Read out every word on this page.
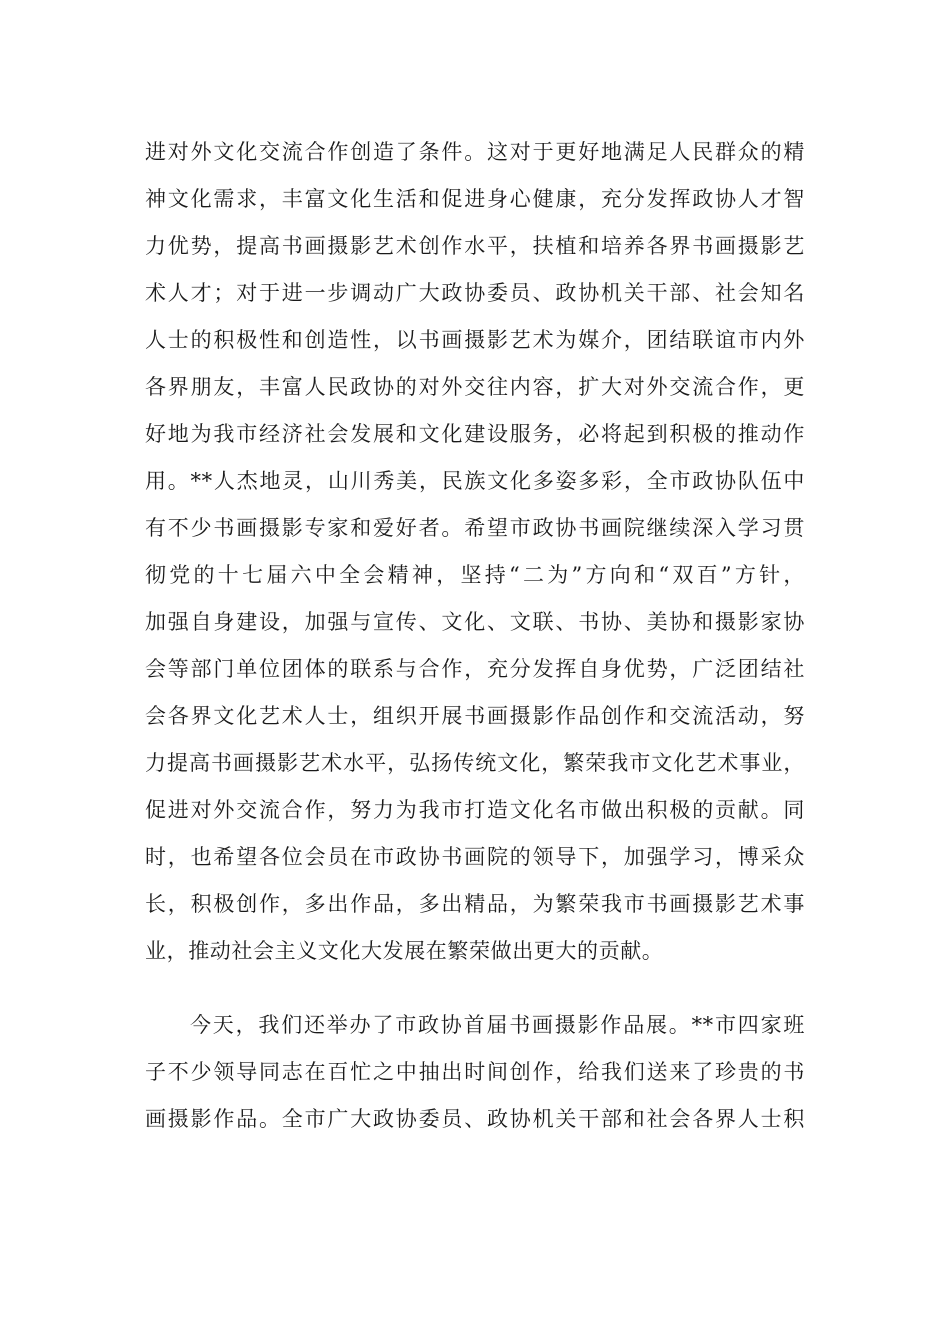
进对外文化交流合作创造了条件。这对于更好地满足人民群众的精
神文化需求，丰富文化生活和促进身心健康，充分发挥政协人才智
力优势，提高书画摄影艺术创作水平，扶植和培养各界书画摄影艺
术人才；对于进一步调动广大政协委员、政协机关干部、社会知名
人士的积极性和创造性，以书画摄影艺术为媒介，团结联谊市内外
各界朋友，丰富人民政协的对外交往内容，扩大对外交流合作，更
好地为我市经济社会发展和文化建设服务，必将起到积极的推动作
用。**人杰地灵，山川秀美，民族文化多姿多彩，全市政协队伍中
有不少书画摄影专家和爱好者。希望市政协书画院继续深入学习贯
彻党的十七届六中全会精神，坚持“二为”方向和“双百”方针，
加强自身建设，加强与宣传、文化、文联、书协、美协和摄影家协
会等部门单位团体的联系与合作，充分发挥自身优势，广泛团结社
会各界文化艺术人士，组织开展书画摄影作品创作和交流活动，努
力提高书画摄影艺术水平，弘扬传统文化，繁荣我市文化艺术事业，
促进对外交流合作，努力为我市打造文化名市做出积极的贡献。同
时，也希望各位会员在市政协书画院的领导下，加强学习，博采众
长，积极创作，多出作品，多出精品，为繁荣我市书画摄影艺术事
业，推动社会主义文化大发展在繁荣做出更大的贡献。
今天，我们还举办了市政协首届书画摄影作品展。**市四家班
子不少领导同志在百忙之中抽出时间创作，给我们送来了珍贵的书
画摄影作品。全市广大政协委员、政协机关干部和社会各界人士积
